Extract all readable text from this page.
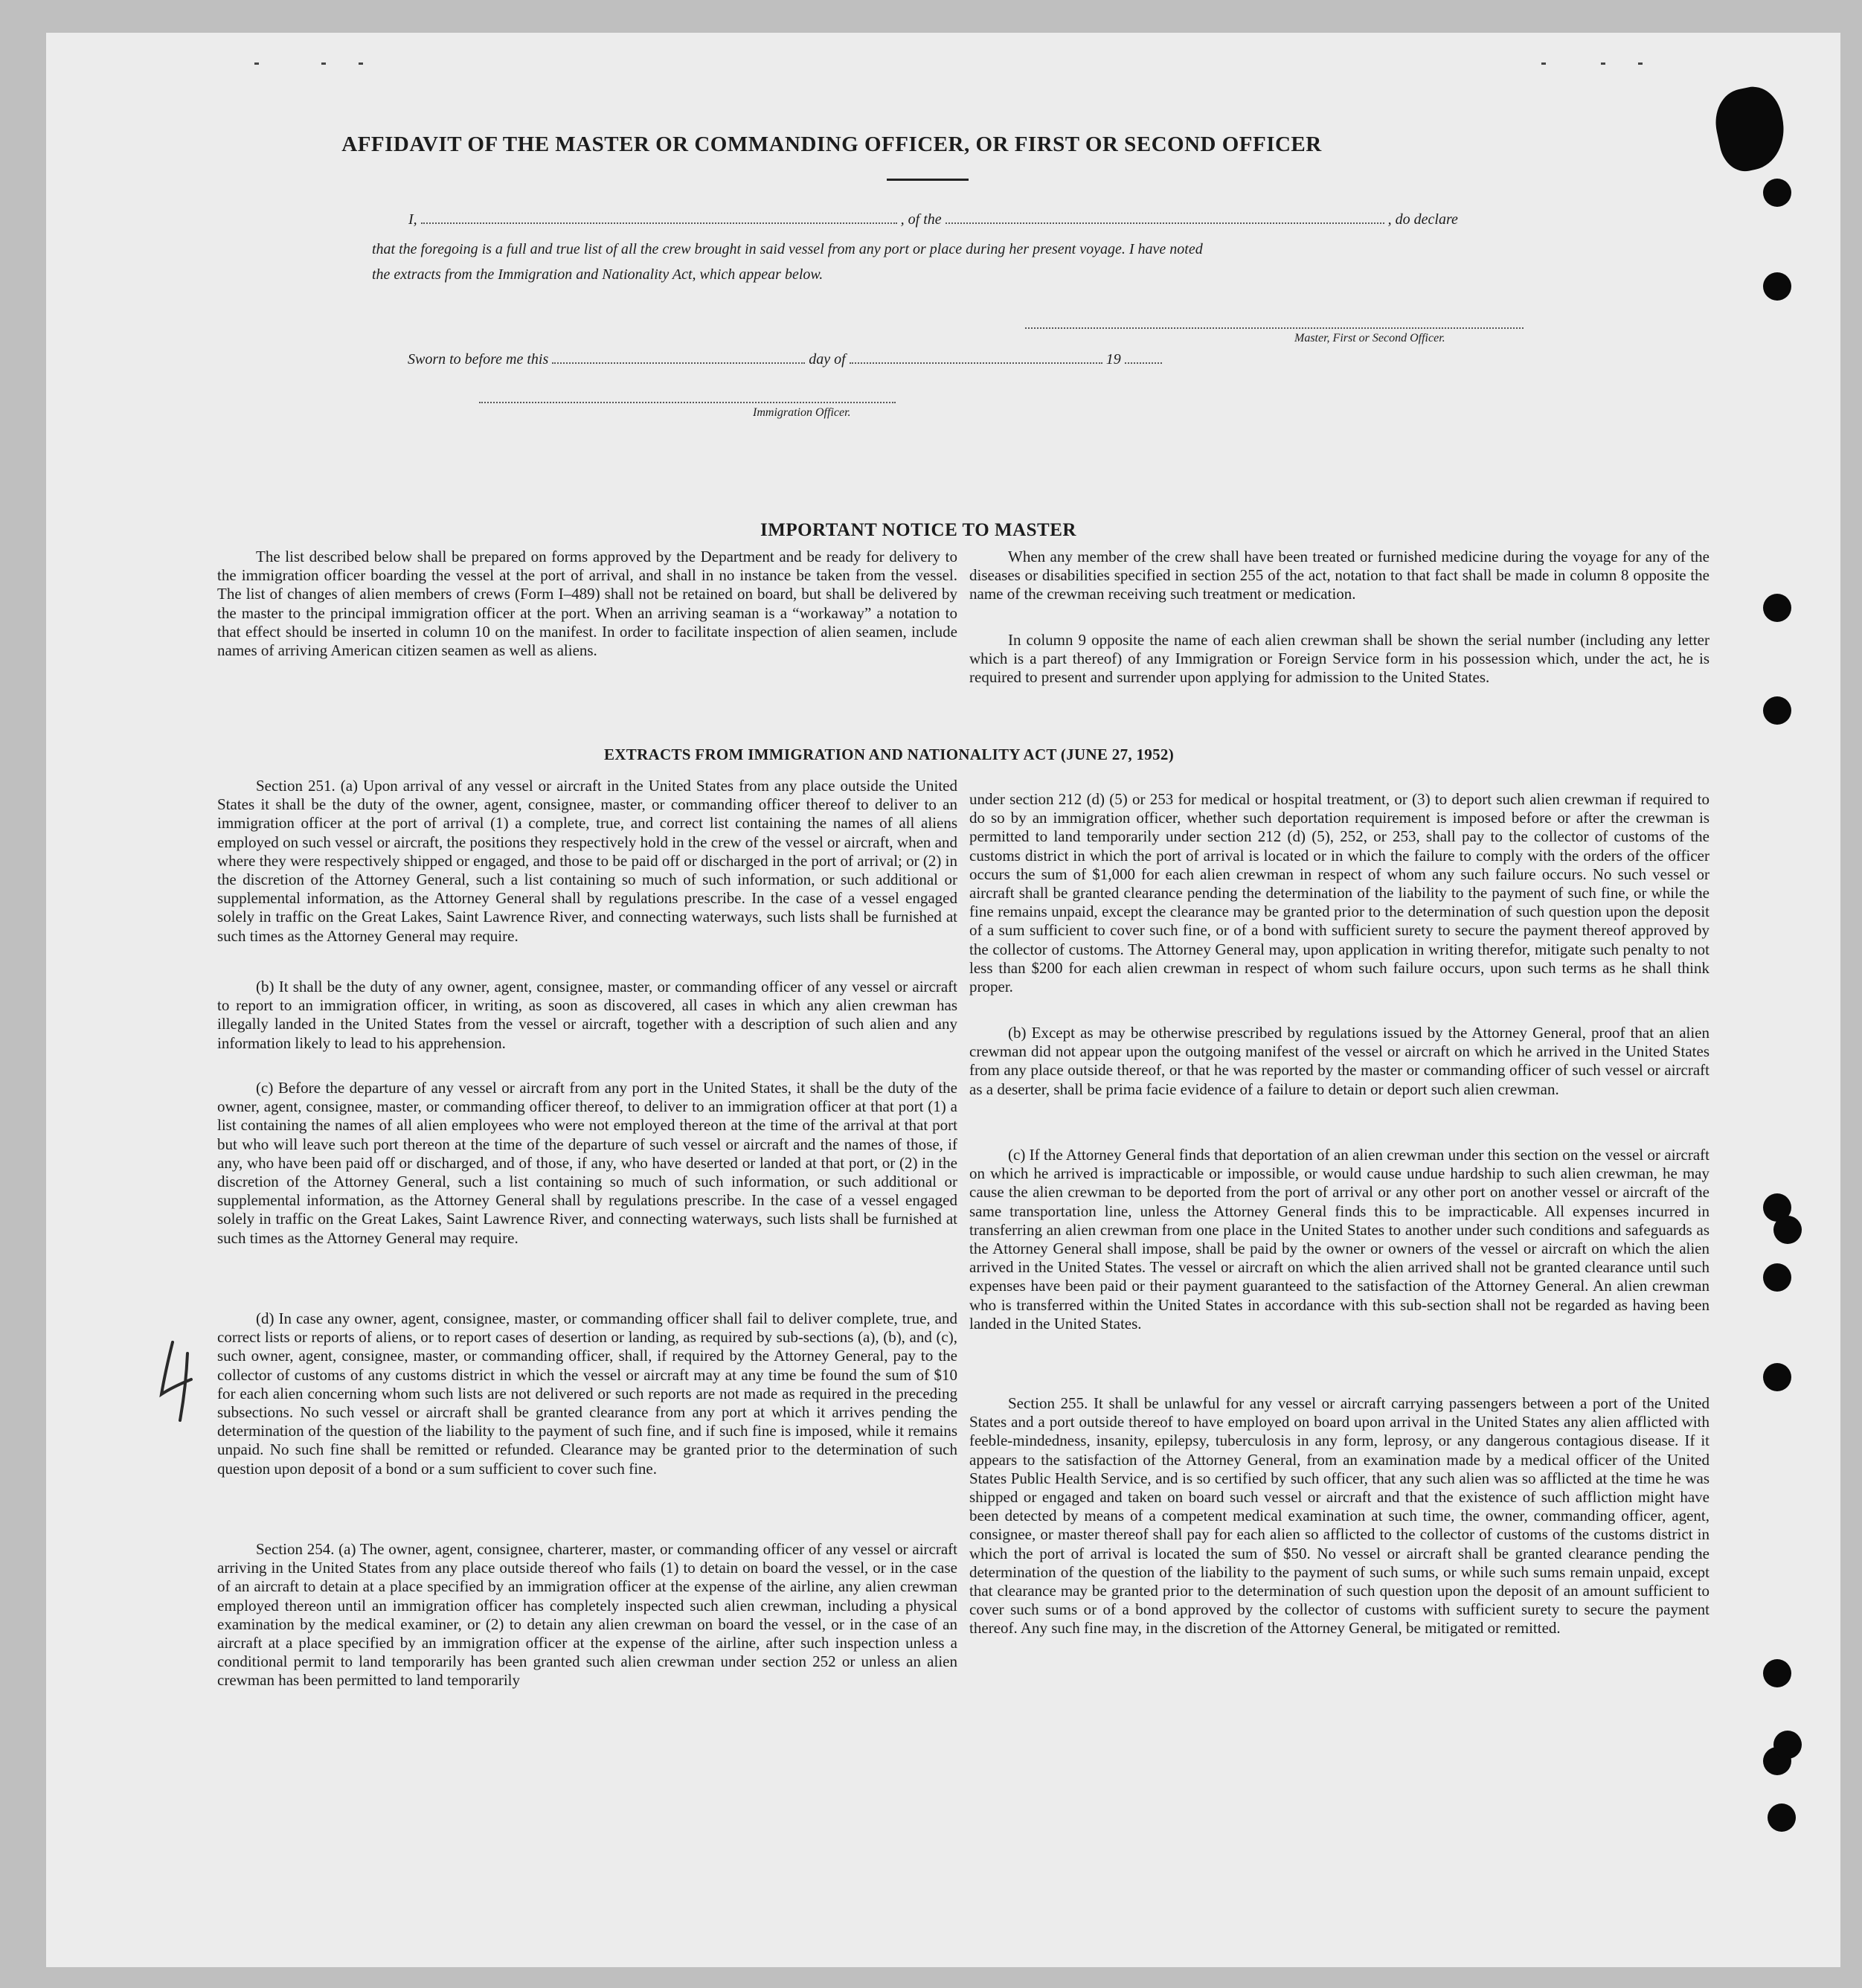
AFFIDAVIT OF THE MASTER OR COMMANDING OFFICER, OR FIRST OR SECOND OFFICER
I,	, of the	, do declare
that the foregoing is a full and true list of all the crew brought in said vessel from any port or place during her present voyage. I have noted
the extracts from the Immigration and Nationality Act, which appear below.
Master, First or Second Officer.
Sworn to before me this	day of	19
Immigration Officer.
IMPORTANT NOTICE TO MASTER
The list described below shall be prepared on forms approved by the Department and be ready for delivery to the immigration officer boarding the vessel at the port of arrival, and shall in no instance be taken from the vessel. The list of changes of alien members of crews (Form I–489) shall not be retained on board, but shall be delivered by the master to the principal immigration officer at the port. When an arriving seaman is a “workaway” a notation to that effect should be inserted in column 10 on the manifest. In order to facilitate inspection of alien seamen, include names of arriving American citizen seamen as well as aliens.
When any member of the crew shall have been treated or furnished medicine during the voyage for any of the diseases or disabilities specified in section 255 of the act, notation to that fact shall be made in column 8 opposite the name of the crewman receiving such treatment or medication.
In column 9 opposite the name of each alien crewman shall be shown the serial number (including any letter which is a part thereof) of any Immigration or Foreign Service form in his possession which, under the act, he is required to present and surrender upon applying for admission to the United States.
EXTRACTS FROM IMMIGRATION AND NATIONALITY ACT (JUNE 27, 1952)
Section 251. (a) Upon arrival of any vessel or aircraft in the United States from any place outside the United States it shall be the duty of the owner, agent, consignee, master, or commanding officer thereof to deliver to an immigration officer at the port of arrival (1) a complete, true, and correct list containing the names of all aliens employed on such vessel or aircraft, the positions they respectively hold in the crew of the vessel or aircraft, when and where they were respectively shipped or engaged, and those to be paid off or discharged in the port of arrival; or (2) in the discretion of the Attorney General, such a list containing so much of such information, or such additional or supplemental information, as the Attorney General shall by regulations prescribe. In the case of a vessel engaged solely in traffic on the Great Lakes, Saint Lawrence River, and connecting waterways, such lists shall be furnished at such times as the Attorney General may require.
(b) It shall be the duty of any owner, agent, consignee, master, or commanding officer of any vessel or aircraft to report to an immigration officer, in writing, as soon as discovered, all cases in which any alien crewman has illegally landed in the United States from the vessel or aircraft, together with a description of such alien and any information likely to lead to his apprehension.
(c) Before the departure of any vessel or aircraft from any port in the United States, it shall be the duty of the owner, agent, consignee, master, or commanding officer thereof, to deliver to an immigration officer at that port (1) a list containing the names of all alien employees who were not employed thereon at the time of the arrival at that port but who will leave such port thereon at the time of the departure of such vessel or aircraft and the names of those, if any, who have been paid off or discharged, and of those, if any, who have deserted or landed at that port, or (2) in the discretion of the Attorney General, such a list containing so much of such information, or such additional or supplemental information, as the Attorney General shall by regulations prescribe. In the case of a vessel engaged solely in traffic on the Great Lakes, Saint Lawrence River, and connecting waterways, such lists shall be furnished at such times as the Attorney General may require.
(d) In case any owner, agent, consignee, master, or commanding officer shall fail to deliver complete, true, and correct lists or reports of aliens, or to report cases of desertion or landing, as required by sub-sections (a), (b), and (c), such owner, agent, consignee, master, or commanding officer, shall, if required by the Attorney General, pay to the collector of customs of any customs district in which the vessel or aircraft may at any time be found the sum of $10 for each alien concerning whom such lists are not delivered or such reports are not made as required in the preceding subsections. No such vessel or aircraft shall be granted clearance from any port at which it arrives pending the determination of the question of the liability to the payment of such fine, and if such fine is imposed, while it remains unpaid. No such fine shall be remitted or refunded. Clearance may be granted prior to the determination of such question upon deposit of a bond or a sum sufficient to cover such fine.
Section 254. (a) The owner, agent, consignee, charterer, master, or commanding officer of any vessel or aircraft arriving in the United States from any place outside thereof who fails (1) to detain on board the vessel, or in the case of an aircraft to detain at a place specified by an immigration officer at the expense of the airline, any alien crewman employed thereon until an immigration officer has completely inspected such alien crewman, including a physical examination by the medical examiner, or (2) to detain any alien crewman on board the vessel, or in the case of an aircraft at a place specified by an immigration officer at the expense of the airline, after such inspection unless a conditional permit to land temporarily has been granted such alien crewman under section 252 or unless an alien crewman has been permitted to land temporarily
under section 212 (d) (5) or 253 for medical or hospital treatment, or (3) to deport such alien crewman if required to do so by an immigration officer, whether such deportation requirement is imposed before or after the crewman is permitted to land temporarily under section 212 (d) (5), 252, or 253, shall pay to the collector of customs of the customs district in which the port of arrival is located or in which the failure to comply with the orders of the officer occurs the sum of $1,000 for each alien crewman in respect of whom any such failure occurs. No such vessel or aircraft shall be granted clearance pending the determination of the liability to the payment of such fine, or while the fine remains unpaid, except the clearance may be granted prior to the determination of such question upon the deposit of a sum sufficient to cover such fine, or of a bond with sufficient surety to secure the payment thereof approved by the collector of customs. The Attorney General may, upon application in writing therefor, mitigate such penalty to not less than $200 for each alien crewman in respect of whom such failure occurs, upon such terms as he shall think proper.
(b) Except as may be otherwise prescribed by regulations issued by the Attorney General, proof that an alien crewman did not appear upon the outgoing manifest of the vessel or aircraft on which he arrived in the United States from any place outside thereof, or that he was reported by the master or commanding officer of such vessel or aircraft as a deserter, shall be prima facie evidence of a failure to detain or deport such alien crewman.
(c) If the Attorney General finds that deportation of an alien crewman under this section on the vessel or aircraft on which he arrived is impracticable or impossible, or would cause undue hardship to such alien crewman, he may cause the alien crewman to be deported from the port of arrival or any other port on another vessel or aircraft of the same transportation line, unless the Attorney General finds this to be impracticable. All expenses incurred in transferring an alien crewman from one place in the United States to another under such conditions and safeguards as the Attorney General shall impose, shall be paid by the owner or owners of the vessel or aircraft on which the alien arrived in the United States. The vessel or aircraft on which the alien arrived shall not be granted clearance until such expenses have been paid or their payment guaranteed to the satisfaction of the Attorney General. An alien crewman who is transferred within the United States in accordance with this sub-section shall not be regarded as having been landed in the United States.
Section 255. It shall be unlawful for any vessel or aircraft carrying passengers between a port of the United States and a port outside thereof to have employed on board upon arrival in the United States any alien afflicted with feeble-mindedness, insanity, epilepsy, tuberculosis in any form, leprosy, or any dangerous contagious disease. If it appears to the satisfaction of the Attorney General, from an examination made by a medical officer of the United States Public Health Service, and is so certified by such officer, that any such alien was so afflicted at the time he was shipped or engaged and taken on board such vessel or aircraft and that the existence of such affliction might have been detected by means of a competent medical examination at such time, the owner, commanding officer, agent, consignee, or master thereof shall pay for each alien so afflicted to the collector of customs of the customs district in which the port of arrival is located the sum of $50. No vessel or aircraft shall be granted clearance pending the determination of the question of the liability to the payment of such sums, or while such sums remain unpaid, except that clearance may be granted prior to the determination of such question upon the deposit of an amount sufficient to cover such sums or of a bond approved by the collector of customs with sufficient surety to secure the payment thereof. Any such fine may, in the discretion of the Attorney General, be mitigated or remitted.
